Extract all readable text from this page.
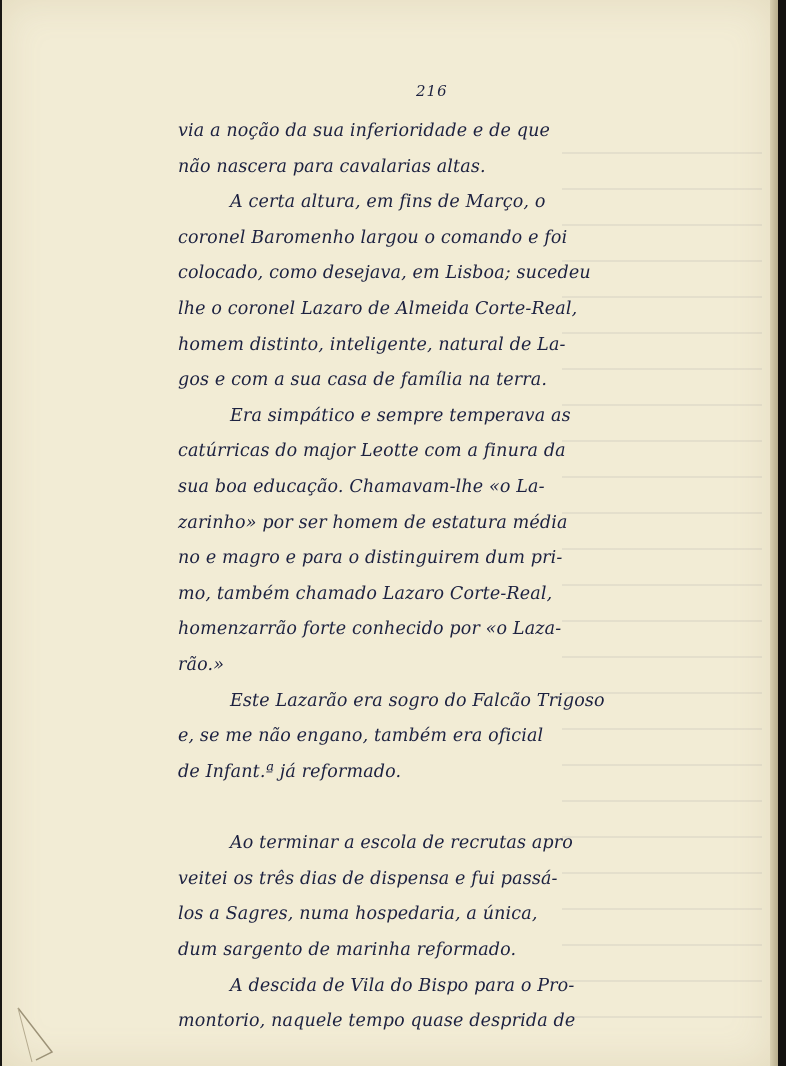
216
via a noção da sua inferioridade e de que
não nascera para cavalarias altas.
A certa altura, em fins de Março, o
coronel Baromenho largou o comando e foi
colocado, como desejava, em Lisboa; sucedeu
lhe o coronel Lazaro de Almeida Corte-Real,
homem distinto, inteligente, natural de La-
gos e com a sua casa de família na terra.
Era simpático e sempre temperava as
catúrricas do major Leotte com a finura da
sua boa educação. Chamavam-lhe «o La-
zarinho» por ser homem de estatura média
no e magro e para o distinguirem dum pri-
mo, também chamado Lazaro Corte-Real,
homenzarrão forte conhecido por «o Laza-
rão.»
Este Lazarão era sogro do Falcão Trigoso
e, se me não engano, também era oficial
de Infant.ª já reformado.
Ao terminar a escola de recrutas apro
veitei os três dias de dispensa e fui passá-
los a Sagres, numa hospedaria, a única,
dum sargento de marinha reformado.
A descida de Vila do Bispo para o Pro-
montorio, naquele tempo quase desprida de
